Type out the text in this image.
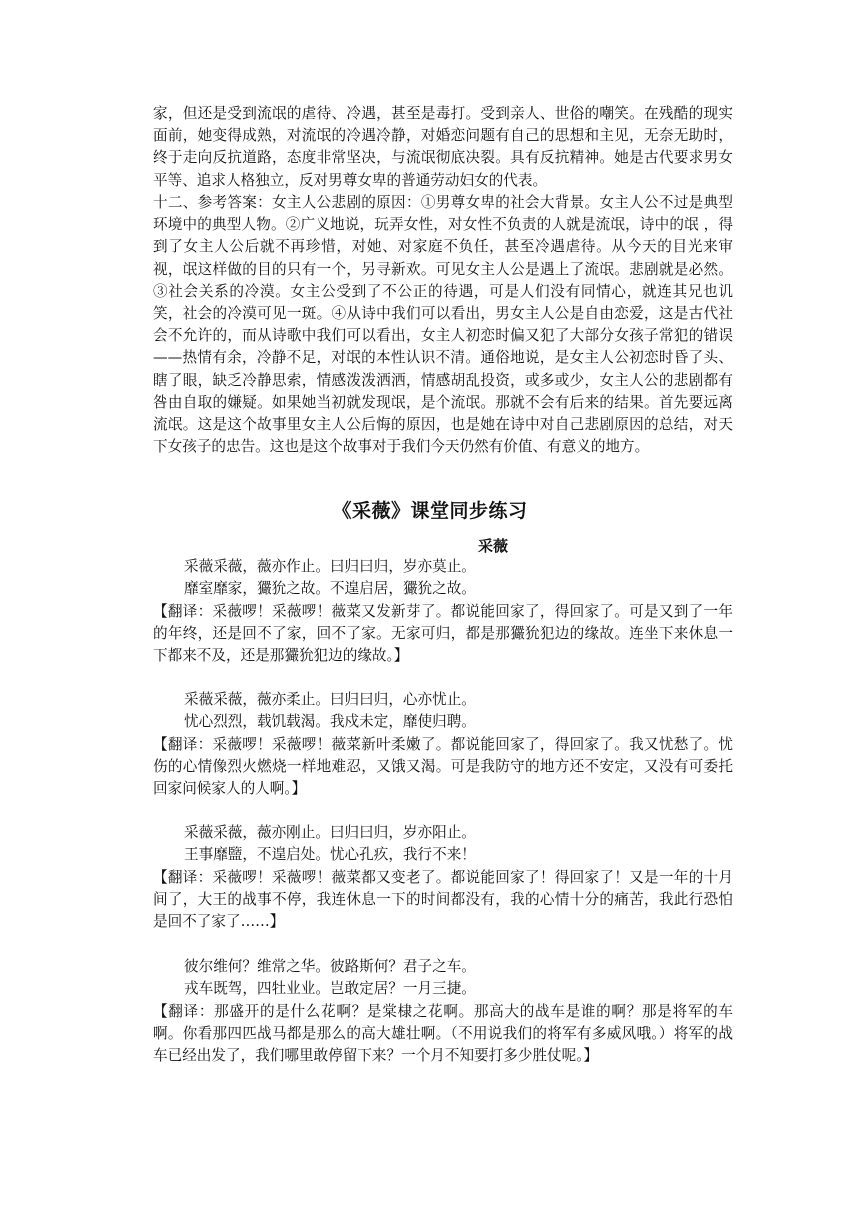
家，但还是受到流氓的虐待、冷遇，甚至是毒打。受到亲人、世俗的嘲笑。在残酷的现实面前，她变得成熟，对流氓的冷遇冷静，对婚恋问题有自己的思想和主见，无奈无助时，终于走向反抗道路，态度非常坚决，与流氓彻底决裂。具有反抗精神。她是古代要求男女平等、追求人格独立，反对男尊女卑的普通劳动妇女的代表。
十二、参考答案：女主人公悲剧的原因：①男尊女卑的社会大背景。女主人公不过是典型环境中的典型人物。②广义地说，玩弄女性，对女性不负责的人就是流氓，诗中的氓 ，得到了女主人公后就不再珍惜，对她、对家庭不负任，甚至冷遇虐待。从今天的目光来审视，氓这样做的目的只有一个，另寻新欢。可见女主人公是遇上了流氓。悲剧就是必然。③社会关系的冷漠。女主公受到了不公正的待遇，可是人们没有同情心，就连其兄也讥笑，社会的冷漠可见一斑。④从诗中我们可以看出，男女主人公是自由恋爱，这是古代社会不允许的，而从诗歌中我们可以看出，女主人初恋时偏又犯了大部分女孩子常犯的错误——热情有余，冷静不足，对氓的本性认识不清。通俗地说，是女主人公初恋时昏了头、瞎了眼，缺乏冷静思索，情感泼泼洒洒，情感胡乱投资，或多或少，女主人公的悲剧都有咎由自取的嫌疑。如果她当初就发现氓，是个流氓。那就不会有后来的结果。首先要远离流氓。这是这个故事里女主人公后悔的原因，也是她在诗中对自己悲剧原因的总结，对天下女孩子的忠告。这也是这个故事对于我们今天仍然有价值、有意义的地方。
《采薇》课堂同步练习
采薇
采薇采薇，薇亦作止。曰归曰归，岁亦莫止。
靡室靡家，玁狁之故。不遑启居，玁狁之故。
【翻译：采薇啰！采薇啰！薇菜又发新芽了。都说能回家了，得回家了。可是又到了一年的年终，还是回不了家，回不了家。无家可归，都是那玁狁犯边的缘故。连坐下来休息一下都来不及，还是那玁狁犯边的缘故。】
采薇采薇，薇亦柔止。曰归曰归，心亦忧止。
忧心烈烈，载饥载渴。我戍未定，靡使归聘。
【翻译：采薇啰！采薇啰！薇菜新叶柔嫩了。都说能回家了，得回家了。我又忧愁了。忧伤的心情像烈火燃烧一样地难忍，又饿又渴。可是我防守的地方还不安定，又没有可委托回家问候家人的人啊。】
采薇采薇，薇亦刚止。曰归曰归，岁亦阳止。
王事靡盬，不遑启处。忧心孔疚，我行不来！
【翻译：采薇啰！采薇啰！薇菜都又变老了。都说能回家了！得回家了！又是一年的十月间了，大王的战事不停，我连休息一下的时间都没有，我的心情十分的痛苦，我此行恐怕是回不了家了……】
彼尔维何？维常之华。彼路斯何？君子之车。
戎车既驾，四牡业业。岂敢定居？一月三捷。
【翻译：那盛开的是什么花啊？是棠棣之花啊。那高大的战车是谁的啊？那是将军的车啊。你看那四匹战马都是那么的高大雄壮啊。（不用说我们的将军有多威风哦。）将军的战车已经出发了，我们哪里敢停留下来？一个月不知要打多少胜仗呢。】
